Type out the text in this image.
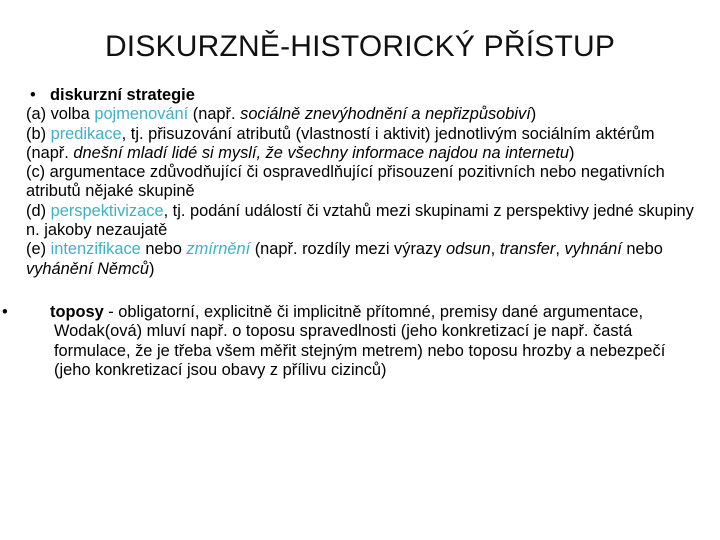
DISKURZNĚ‑HISTORICKÝ PŘÍSTUP

• diskurzní strategie

(a) volba pojmenování (např. sociálně znevýhodnění a nepřizpůsobiví)

(b) predikace, tj. přisuzování atributů (vlastností i aktivit) jednotlivým sociálním aktérům (např. dnešní mladí lidé si myslí, že všechny informace najdou na internetu)

(c) argumentace zdůvodňující či ospravedlňující přisouzení pozitivních nebo negativních atributů nějaké skupině

(d) perspektivizace, tj. podání událostí či vztahů mezi skupinami z perspektivy jedné skupiny n. jakoby nezaujatě

(e) intenzifikace nebo zmírnění (např. rozdíly mezi výrazy odsun, transfer, vyhnání nebo vyhánění Němců)

•	toposy - obligatorní, explicitně či implicitně přítomné, premisy dané argumentace, Wodak(ová) mluví např. o toposu spravedlnosti (jeho konkretizací je např. častá formulace, že je třeba všem měřit stejným metrem) nebo toposu hrozby a nebezpečí (jeho konkretizací jsou obavy z přílivu cizinců)
